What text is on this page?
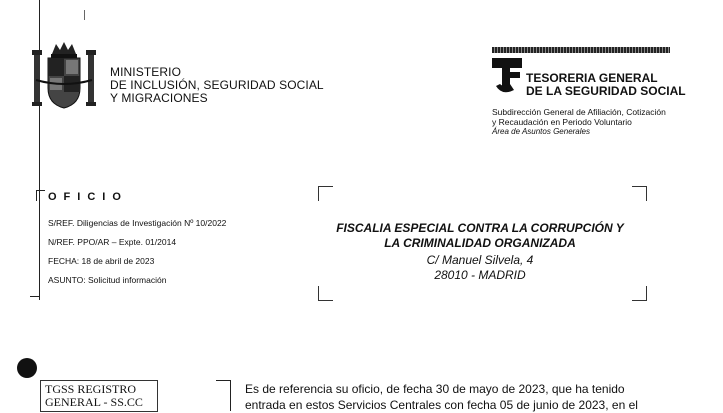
MINISTERIO
DE INCLUSIÓN, SEGURIDAD SOCIAL
Y MIGRACIONES
TESORERIA GENERAL
DE LA SEGURIDAD SOCIAL
Subdirección General de Afiliación, Cotización
y Recaudación en Periodo Voluntario
Área de Asuntos Generales
OFICIO
S/REF. Diligencias de Investigación Nº 10/2022
N/REF. PPO/AR – Expte. 01/2014
FECHA: 18 de abril de 2023
ASUNTO: Solicitud información
FISCALIA ESPECIAL CONTRA LA CORRUPCIÓN Y
LA CRIMINALIDAD ORGANIZADA
C/ Manuel Silvela, 4
28010 - MADRID
TGSS REGISTRO
GENERAL - SS.CC
Es de referencia su oficio, de fecha 30 de mayo de 2023, que ha tenido
entrada en estos Servicios Centrales con fecha 05 de junio de 2023, en el
